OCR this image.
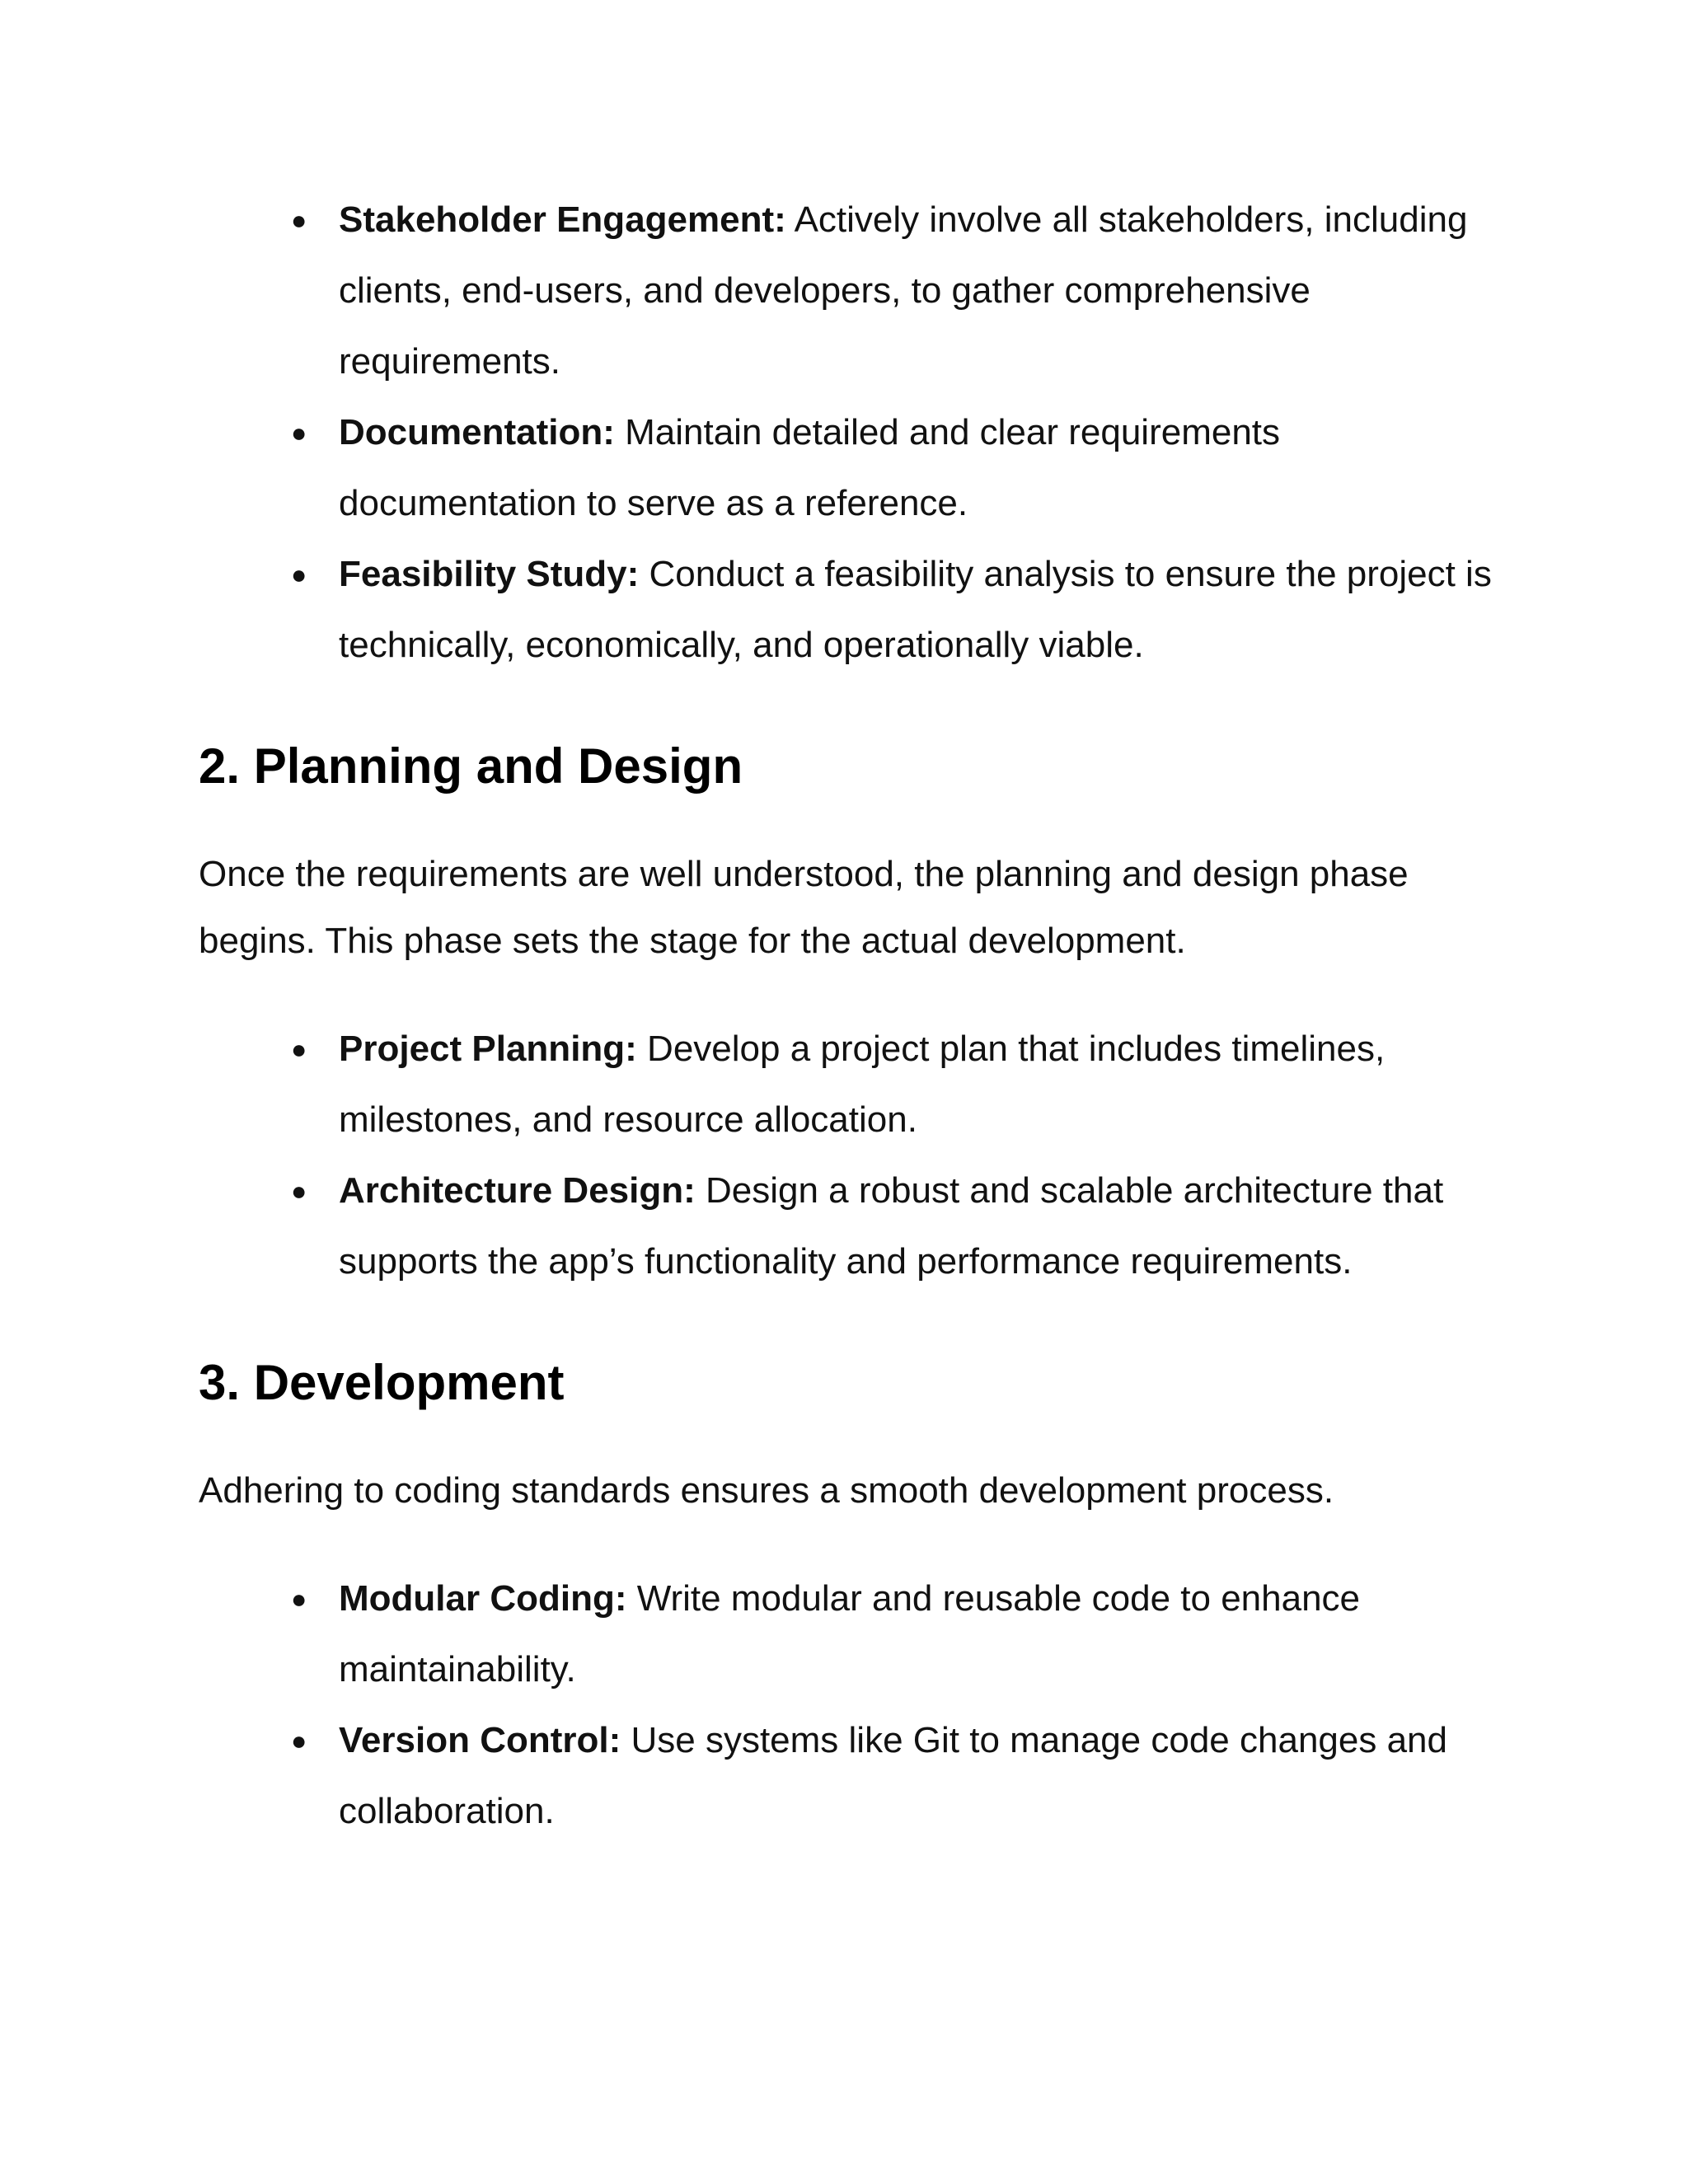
● Stakeholder Engagement: Actively involve all stakeholders, including clients, end-users, and developers, to gather comprehensive requirements.
● Documentation: Maintain detailed and clear requirements documentation to serve as a reference.
● Feasibility Study: Conduct a feasibility analysis to ensure the project is technically, economically, and operationally viable.
2. Planning and Design

Once the requirements are well understood, the planning and design phase begins. This phase sets the stage for the actual development.

● Project Planning: Develop a project plan that includes timelines, milestones, and resource allocation.
● Architecture Design: Design a robust and scalable architecture that supports the app’s functionality and performance requirements.
3. Development

Adhering to coding standards ensures a smooth development process.

● Modular Coding: Write modular and reusable code to enhance maintainability.
● Version Control: Use systems like Git to manage code changes and collaboration.
